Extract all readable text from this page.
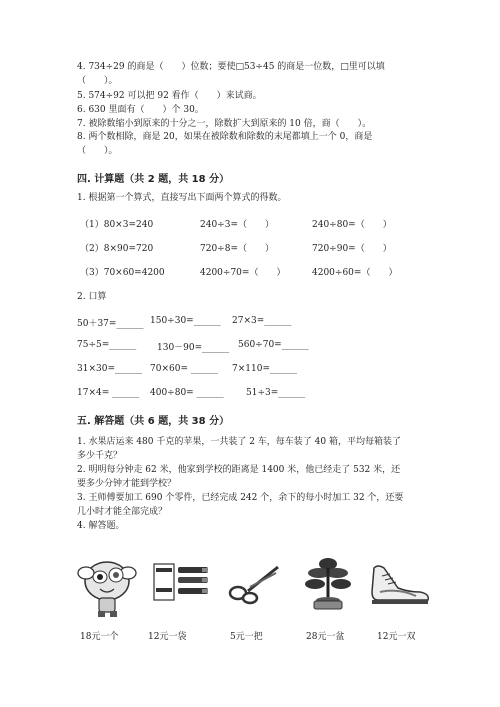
4. 734÷29 的商是（　　）位数；要使□53÷45 的商是一位数，□里可以填
（　　）。
5. 574÷92 可以把 92 看作（　　）来试商。
6. 630 里面有（　　）个 30。
7. 被除数缩小到原来的十分之一，除数扩大到原来的 10 倍，商（　　）。
8. 两个数相除，商是 20，如果在被除数和除数的末尾都填上一个 0，商是
（　　）。
四. 计算题（共 2 题，共 18 分）
1. 根据第一个算式，直接写出下面两个算式的得数。
（1）80×3=240	240÷3=（　　）	240÷80=（　　）
（2）8×90=720	720÷8=（　　）	720÷90=（　　）
（3）70×60=4200	4200÷70=（　　）	4200÷60=（　　）
2. 口算
50＋37=______ 150÷30=______ 27×3=______
75÷5=______ 130－90=______ 560÷70=______
31×30=______ 70×60= ______ 7×110=______
17×4= ______ 400÷80= ______ 51÷3=______
五. 解答题（共 6 题，共 38 分）
1. 水果店运来 480 千克的苹果，一共装了 2 车，每车装了 40 箱，平均每箱装了
多少千克？
2. 明明每分钟走 62 米，他家到学校的距离是 1400 米，他已经走了 532 米，还
要多少分钟才能到学校？
3. 王师傅要加工 690 个零件，已经完成 242 个，余下的每小时加工 32 个，还要
几小时才能全部完成？
4. 解答题。
18元一个	12元一袋	5元一把	28元一盆	12元一双
